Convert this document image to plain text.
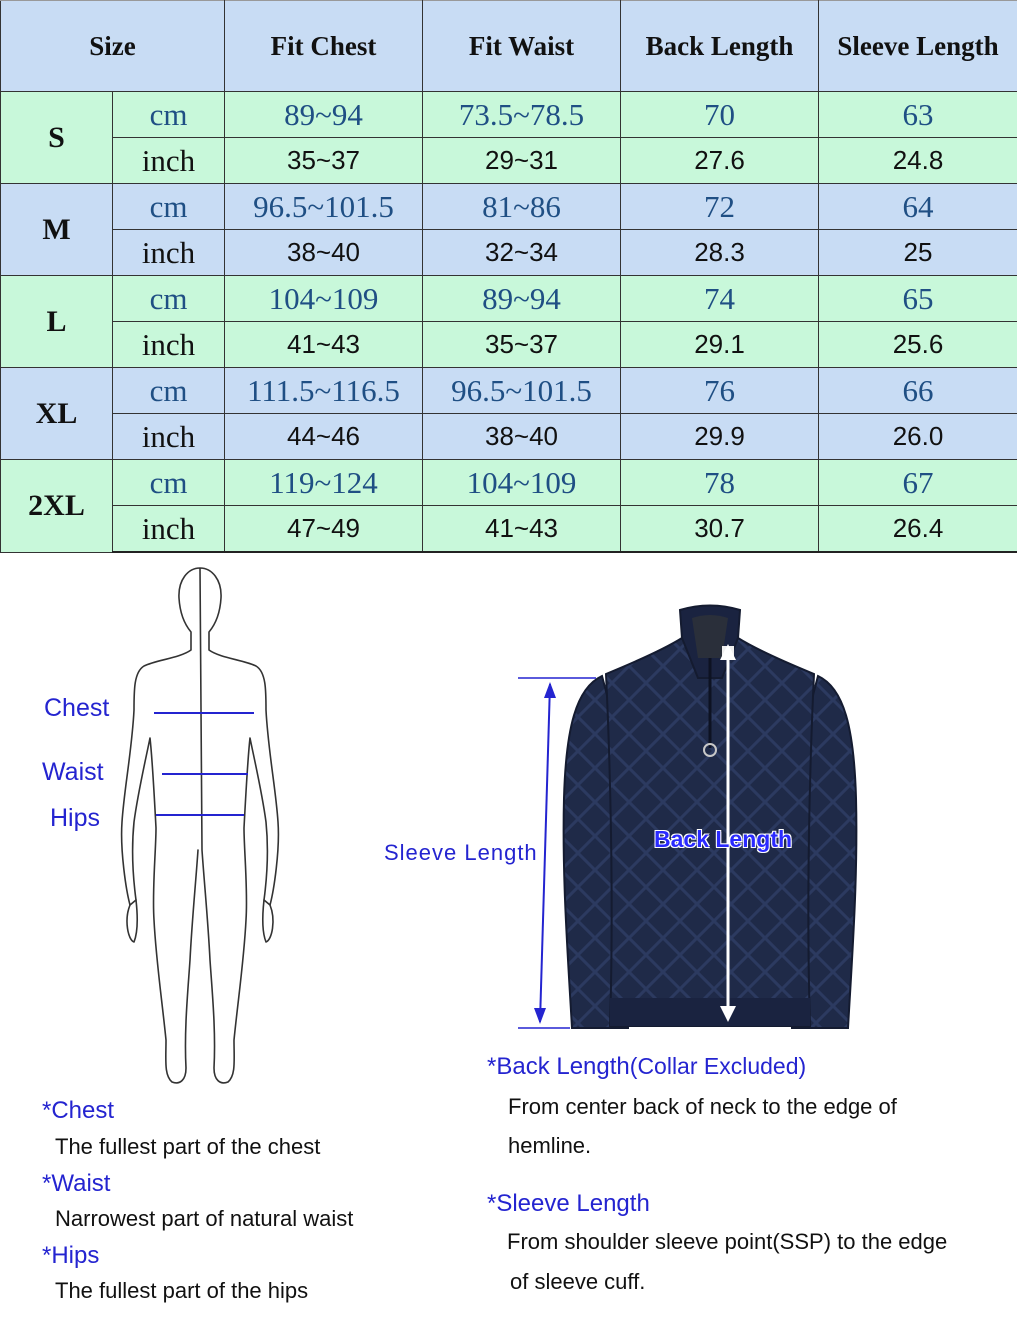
Size		Fit Chest	Fit Waist	Back Length	Sleeve Length
S	cm	89~94	73.5~78.5	70	63
	inch	35~37	29~31	27.6	24.8
M	cm	96.5~101.5	81~86	72	64
	inch	38~40	32~34	28.3	25
L	cm	104~109	89~94	74	65
	inch	41~43	35~37	29.1	25.6
XL	cm	111.5~116.5	96.5~101.5	76	66
	inch	44~46	38~40	29.9	26.0
2XL	cm	119~124	104~109	78	67
	inch	47~49	41~43	30.7	26.4
Chest
Waist
Hips
Sleeve Length
Back Length
*Chest
The fullest part of the chest
*Waist
Narrowest part of natural waist
*Hips
The fullest part of the hips
*Back Length(Collar Excluded)
From center back of neck to the edge of
hemline.
*Sleeve Length
From shoulder sleeve point(SSP) to the edge
of sleeve cuff.
